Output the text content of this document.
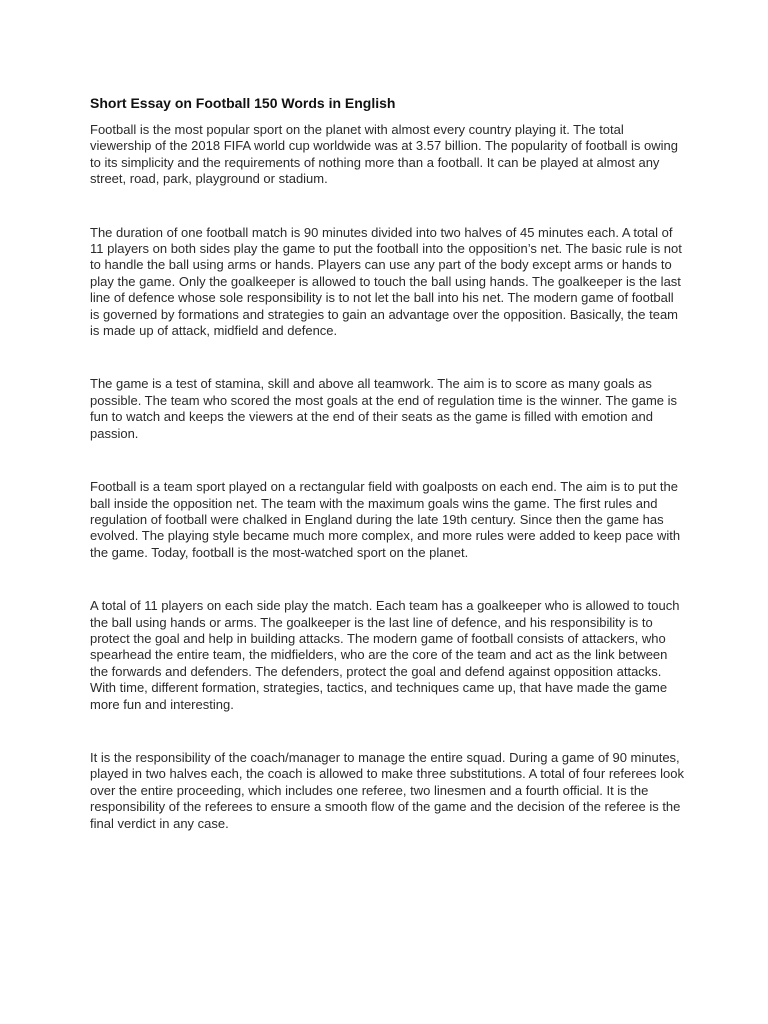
Short Essay on Football 150 Words in English

Football is the most popular sport on the planet with almost every country playing it. The total viewership of the 2018 FIFA world cup worldwide was at 3.57 billion. The popularity of football is owing to its simplicity and the requirements of nothing more than a football. It can be played at almost any street, road, park, playground or stadium.

The duration of one football match is 90 minutes divided into two halves of 45 minutes each. A total of 11 players on both sides play the game to put the football into the opposition’s net. The basic rule is not to handle the ball using arms or hands. Players can use any part of the body except arms or hands to play the game. Only the goalkeeper is allowed to touch the ball using hands. The goalkeeper is the last line of defence whose sole responsibility is to not let the ball into his net. The modern game of football is governed by formations and strategies to gain an advantage over the opposition. Basically, the team is made up of attack, midfield and defence.

The game is a test of stamina, skill and above all teamwork. The aim is to score as many goals as possible. The team who scored the most goals at the end of regulation time is the winner. The game is fun to watch and keeps the viewers at the end of their seats as the game is filled with emotion and passion.

Football is a team sport played on a rectangular field with goalposts on each end. The aim is to put the ball inside the opposition net. The team with the maximum goals wins the game. The first rules and regulation of football were chalked in England during the late 19th century. Since then the game has evolved. The playing style became much more complex, and more rules were added to keep pace with the game. Today, football is the most-watched sport on the planet.

A total of 11 players on each side play the match. Each team has a goalkeeper who is allowed to touch the ball using hands or arms. The goalkeeper is the last line of defence, and his responsibility is to protect the goal and help in building attacks. The modern game of football consists of attackers, who spearhead the entire team, the midfielders, who are the core of the team and act as the link between the forwards and defenders. The defenders, protect the goal and defend against opposition attacks. With time, different formation, strategies, tactics, and techniques came up, that have made the game more fun and interesting.

It is the responsibility of the coach/manager to manage the entire squad. During a game of 90 minutes, played in two halves each, the coach is allowed to make three substitutions. A total of four referees look over the entire proceeding, which includes one referee, two linesmen and a fourth official. It is the responsibility of the referees to ensure a smooth flow of the game and the decision of the referee is the final verdict in any case.
